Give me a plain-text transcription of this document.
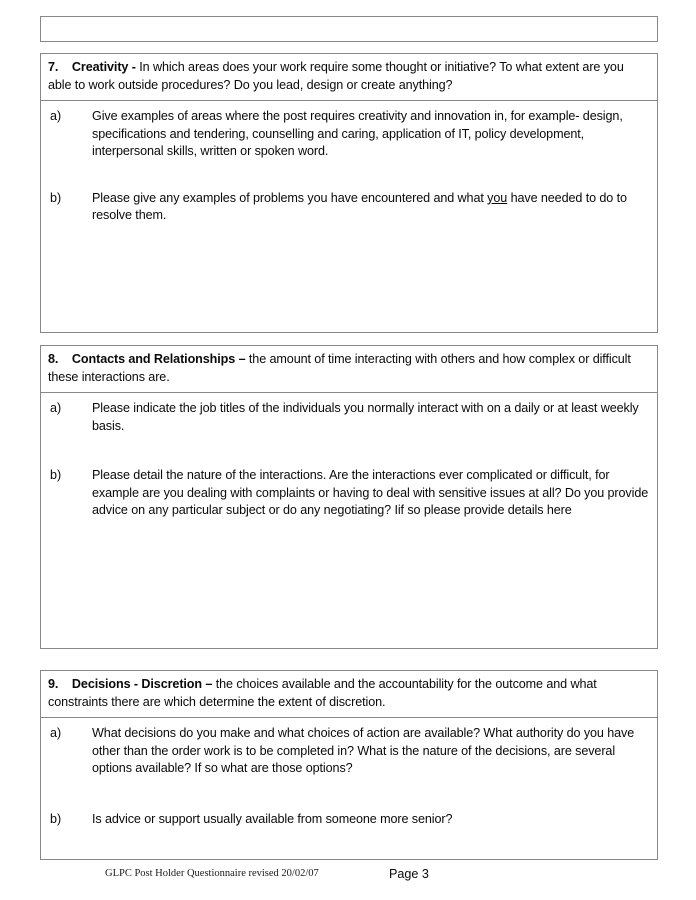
7. Creativity - In which areas does your work require some thought or initiative? To what extent are you able to work outside procedures? Do you lead, design or create anything?
a)	Give examples of areas where the post requires creativity and innovation in, for example- design, specifications and tendering, counselling and caring, application of IT, policy development, interpersonal skills, written or spoken word.
b)	Please give any examples of problems you have encountered and what you have needed to do to resolve them.
8. Contacts and Relationships – the amount of time interacting with others and how complex or difficult these interactions are.
a)	Please indicate the job titles of the individuals you normally interact with on a daily or at least weekly basis.
b)	Please detail the nature of the interactions. Are the interactions ever complicated or difficult, for example are you dealing with complaints or having to deal with sensitive issues at all? Do you provide advice on any particular subject or do any negotiating? Iif so please provide details here
9. Decisions - Discretion – the choices available and the accountability for the outcome and what constraints there are which determine the extent of discretion.
a)	What decisions do you make and what choices of action are available? What authority do you have other than the order work is to be completed in? What is the nature of the decisions, are several options available? If so what are those options?
b)	Is advice or support usually available from someone more senior?
GLPC Post Holder Questionnaire revised 20/02/07	Page 3
